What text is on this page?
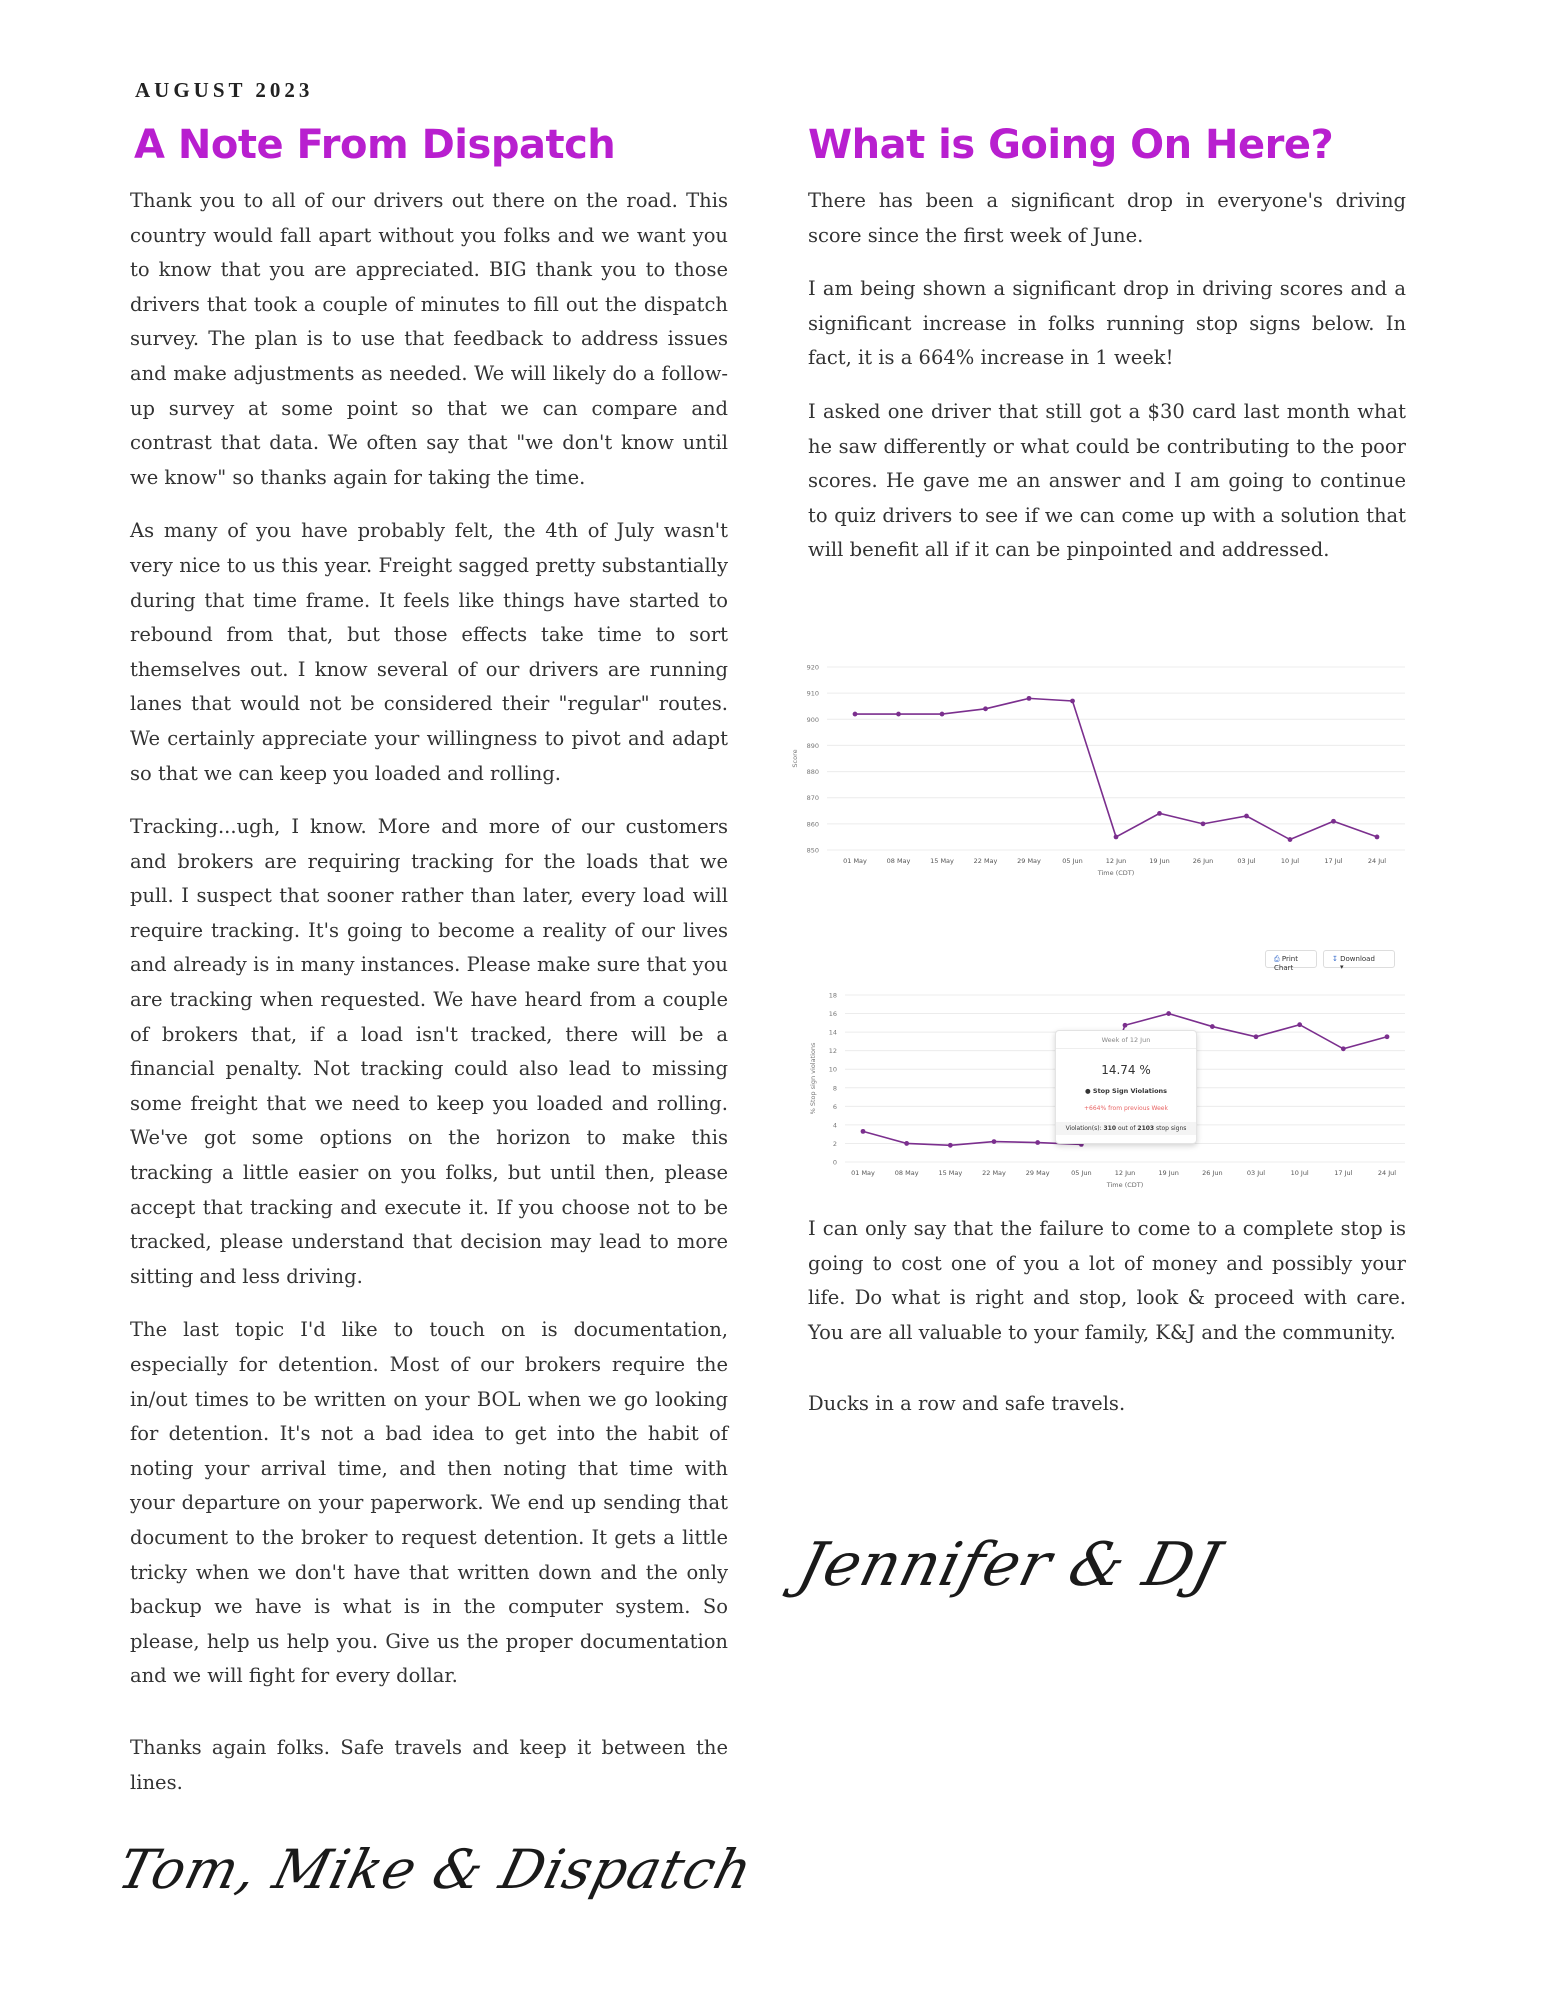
AUGUST 2023
A Note From Dispatch

Thank you to all of our drivers out there on the road. This country would fall apart without you folks and we want you to know that you are appreciated. BIG thank you to those drivers that took a couple of minutes to fill out the dispatch survey. The plan is to use that feedback to address issues and make adjustments as needed. We will likely do a follow-up survey at some point so that we can compare and contrast that data. We often say that "we don't know until we know" so thanks again for taking the time.

As many of you have probably felt, the 4th of July wasn't very nice to us this year. Freight sagged pretty substantially during that time frame. It feels like things have started to rebound from that, but those effects take time to sort themselves out. I know several of our drivers are running lanes that would not be considered their "regular" routes. We certainly appreciate your willingness to pivot and adapt so that we can keep you loaded and rolling.

Tracking...ugh, I know. More and more of our customers and brokers are requiring tracking for the loads that we pull. I suspect that sooner rather than later, every load will require tracking. It's going to become a reality of our lives and already is in many instances. Please make sure that you are tracking when requested. We have heard from a couple of brokers that, if a load isn't tracked, there will be a financial penalty. Not tracking could also lead to missing some freight that we need to keep you loaded and rolling. We've got some options on the horizon to make this tracking a little easier on you folks, but until then, please accept that tracking and execute it. If you choose not to be tracked, please understand that decision may lead to more sitting and less driving.

The last topic I'd like to touch on is documentation, especially for detention. Most of our brokers require the in/out times to be written on your BOL when we go looking for detention. It's not a bad idea to get into the habit of noting your arrival time, and then noting that time with your departure on your paperwork. We end up sending that document to the broker to request detention. It gets a little tricky when we don't have that written down and the only backup we have is what is in the computer system. So please, help us help you. Give us the proper documentation and we will fight for every dollar.

Thanks again folks. Safe travels and keep it between the lines.

Tom, Mike & Dispatch
What is Going On Here?

There has been a significant drop in everyone's driving score since the first week of June.

I am being shown a significant drop in driving scores and a significant increase in folks running stop signs below. In fact, it is a 664% increase in 1 week!

I asked one driver that still got a $30 card last month what he saw differently or what could be contributing to the poor scores. He gave me an answer and I am going to continue to quiz drivers to see if we can come up with a solution that will benefit all if it can be pinpointed and addressed.

850
860
870
880
890
900
910
920
01 May	08 May	15 May	22 May	29 May	05 Jun	12 Jun	19 Jun	26 Jun	03 Jul	10 Jul	17 Jul	24 Jul
Time (CDT)
Score
⎙ Print Chart
↧ Download ▾
0
2
4
6
8
10
12
14
16
18
01 May	08 May	15 May	22 May	29 May	05 Jun	12 Jun	19 Jun	26 Jun	03 Jul	10 Jul	17 Jul	24 Jul
Time (CDT)
% Stop sign violations
Week of 12 Jun
14.74 %
● Stop Sign Violations
+664% from previous Week
Violation(s): 310 out of 2103 stop signs

I can only say that the failure to come to a complete stop is going to cost one of you a lot of money and possibly your life. Do what is right and stop, look & proceed with care. You are all valuable to your family, K&J and the community.

Ducks in a row and safe travels.

Jennifer & DJ
